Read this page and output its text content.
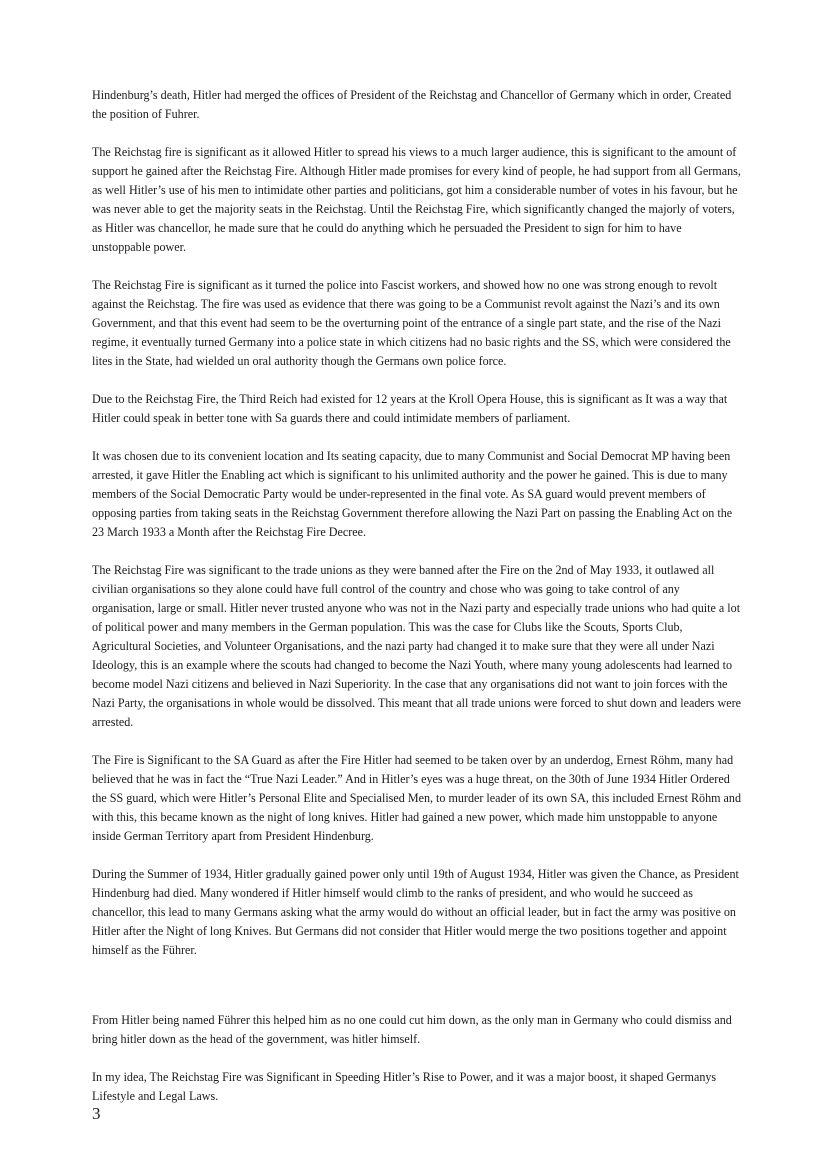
Hindenburg’s death, Hitler had merged the offices of President of the Reichstag and Chancellor of Germany which in order, Created the position of Fuhrer.

The Reichstag fire is significant as it allowed Hitler to spread his views to a much larger audience, this is significant to the amount of support he gained after the Reichstag Fire. Although Hitler made promises for every kind of people, he had support from all Germans, as well Hitler’s use of his men to intimidate other parties and politicians, got him a considerable number of votes in his favour, but he was never able to get the majority seats in the Reichstag. Until the Reichstag Fire, which significantly changed the majorly of voters, as Hitler was chancellor, he made sure that he could do anything which he persuaded the President to sign for him to have unstoppable power.

The Reichstag Fire is significant as it turned the police into Fascist workers, and showed how no one was strong enough to revolt against the Reichstag. The fire was used as evidence that there was going to be a Communist revolt against the Nazi’s and its own Government, and that this event had seem to be the overturning point of the entrance of a single part state, and the rise of the Nazi regime, it eventually turned Germany into a police state in which citizens had no basic rights and the SS, which were considered the lites in the State, had wielded un oral authority though the Germans own police force.

Due to the Reichstag Fire, the Third Reich had existed for 12 years at the Kroll Opera House, this is significant as It was a way that Hitler could speak in better tone with Sa guards there and could intimidate members of parliament.

It was chosen due to its convenient location and Its seating capacity, due to many Communist and Social Democrat MP having been arrested, it gave Hitler the Enabling act which is significant to his unlimited authority and the power he gained. This is due to many members of the Social Democratic Party would be under-represented in the final vote. As SA guard would prevent members of opposing parties from taking seats in the Reichstag Government therefore allowing the Nazi Part on passing the Enabling Act on the 23 March 1933 a Month after the Reichstag Fire Decree.

The Reichstag Fire was significant to the trade unions as they were banned after the Fire on the 2nd of May 1933, it outlawed all civilian organisations so they alone could have full control of the country and chose who was going to take control of any organisation, large or small. Hitler never trusted anyone who was not in the Nazi party and especially trade unions who had quite a lot of political power and many members in the German population. This was the case for Clubs like the Scouts, Sports Club, Agricultural Societies, and Volunteer Organisations, and the nazi party had changed it to make sure that they were all under Nazi Ideology, this is an example where the scouts had changed to become the Nazi Youth, where many young adolescents had learned to become model Nazi citizens and believed in Nazi Superiority. In the case that any organisations did not want to join forces with the Nazi Party, the organisations in whole would be dissolved. This meant that all trade unions were forced to shut down and leaders were arrested.

The Fire is Significant to the SA Guard as after the Fire Hitler had seemed to be taken over by an underdog, Ernest Röhm, many had believed that he was in fact the “True Nazi Leader.” And in Hitler’s eyes was a huge threat, on the 30th of June 1934 Hitler Ordered the SS guard, which were Hitler’s Personal Elite and Specialised Men, to murder leader of its own SA, this included Ernest Röhm and with this, this became known as the night of long knives. Hitler had gained a new power, which made him unstoppable to anyone inside German Territory apart from President Hindenburg.

During the Summer of 1934, Hitler gradually gained power only until 19th of August 1934, Hitler was given the Chance, as President Hindenburg had died. Many wondered if Hitler himself would climb to the ranks of president, and who would he succeed as chancellor, this lead to many Germans asking what the army would do without an official leader, but in fact the army was positive on Hitler after the Night of long Knives. But Germans did not consider that Hitler would merge the two positions together and appoint himself as the Führer.

From Hitler being named Führer this helped him as no one could cut him down, as the only man in Germany who could dismiss and bring hitler down as the head of the government, was hitler himself.

In my idea, The Reichstag Fire was Significant in Speeding Hitler’s Rise to Power, and it was a major boost, it shaped Germanys Lifestyle and Legal Laws.

3
